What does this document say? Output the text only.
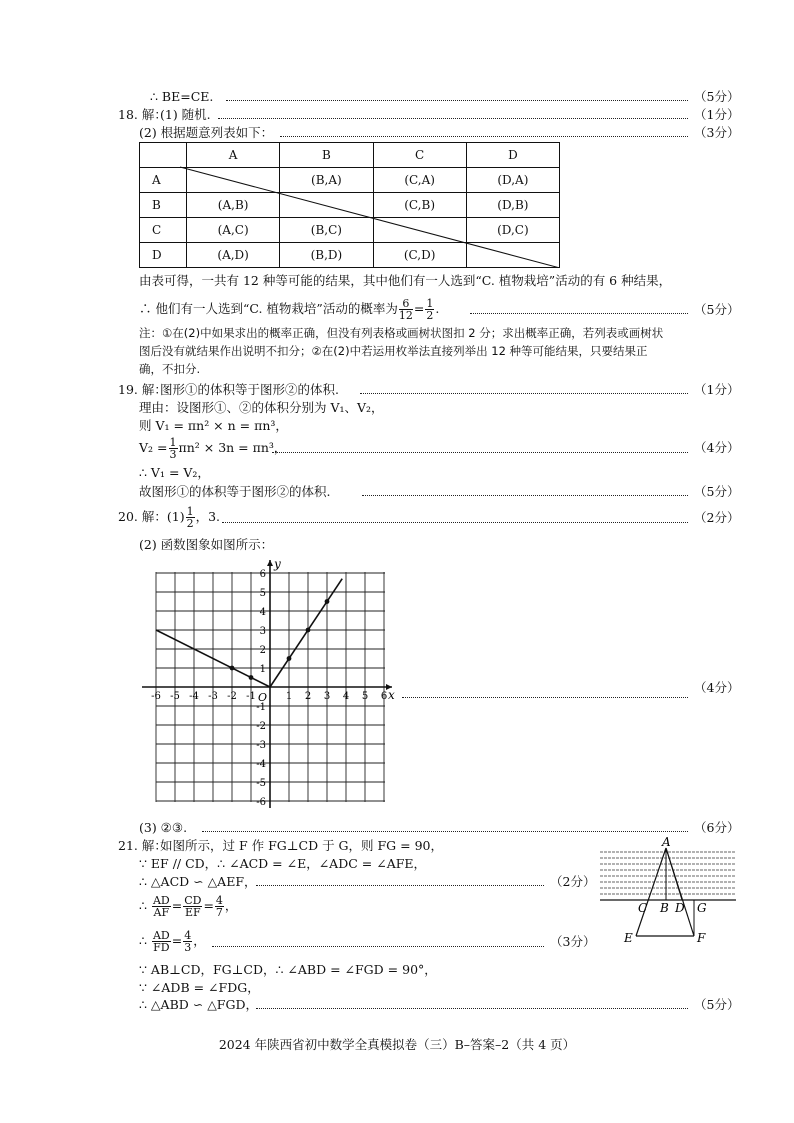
∴ BE=CE.	（5分）
18. 解：
(1) 随机.	（1分）
(2) 根据题意列表如下：	（3分）
	A	B	C	D
A		(B,A)	(C,A)	(D,A)
B	(A,B)		(C,B)	(D,B)
C	(A,C)	(B,C)		(D,C)
D	(A,D)	(B,D)	(C,D)	
由表可得，一共有 12 种等可能的结果，其中他们有一人选到“C. 植物栽培”活动的有 6 种结果，
∴ 他们有一人选到“C. 植物栽培”活动的概率为 $\frac{6}{12} = \frac{1}{2}$ .	（5分）
注：①在(2)中如果求出的概率正确，但没有列表格或画树状图扣 2 分；求出概率正确，若列表或画树状
图后没有就结果作出说明不扣分；②在(2)中若运用枚举法直接列举出 12 种等可能结果，只要结果正
确，不扣分.
19. 解：
图形①的体积等于图形②的体积.	（1分）
理由：设图形①、②的体积分别为 V₁、V₂，
则 V₁ = πn² × n = πn³，
$V_2 = \frac{1}{3} \pi n^2 \times 3n = \pi n^3$，	（4分）
∴ V₁ = V₂，
故图形①的体积等于图形②的体积.	（5分）
20. 解：$(1) \frac{1}{2}$ ，3.	（2分）
(2) 函数图象如图所示：
x
y
O
-6 -5 -4 -3 -2 -1	1 2 3 4 5 6
6
5
4
3
2
1
-1
-2
-3
-4
-5
-6
（4分）
(3) ②③.	（6分）
21. 解：
如图所示，过 F 作 FG⊥CD 于 G，则 FG = 90，
∵ EF // CD，∴ ∠ACD = ∠E，∠ADC = ∠AFE，
∴ △ACD ∽ △AEF，	（2分）
∴ $\frac{AD}{AF} = \frac{CD}{EF} = \frac{4}{7}$ ，
∴ $\frac{AD}{FD} = \frac{4}{3}$ ，	（3分）
∵ AB⊥CD，FG⊥CD，∴ ∠ABD = ∠FGD = 90°，
∵ ∠ADB = ∠FDG，
∴ △ABD ∽ △FGD，	（5分）
A
C B D G
E	F
2024 年陕西省初中数学全真模拟卷（三）B–答案–2（共 4 页）
